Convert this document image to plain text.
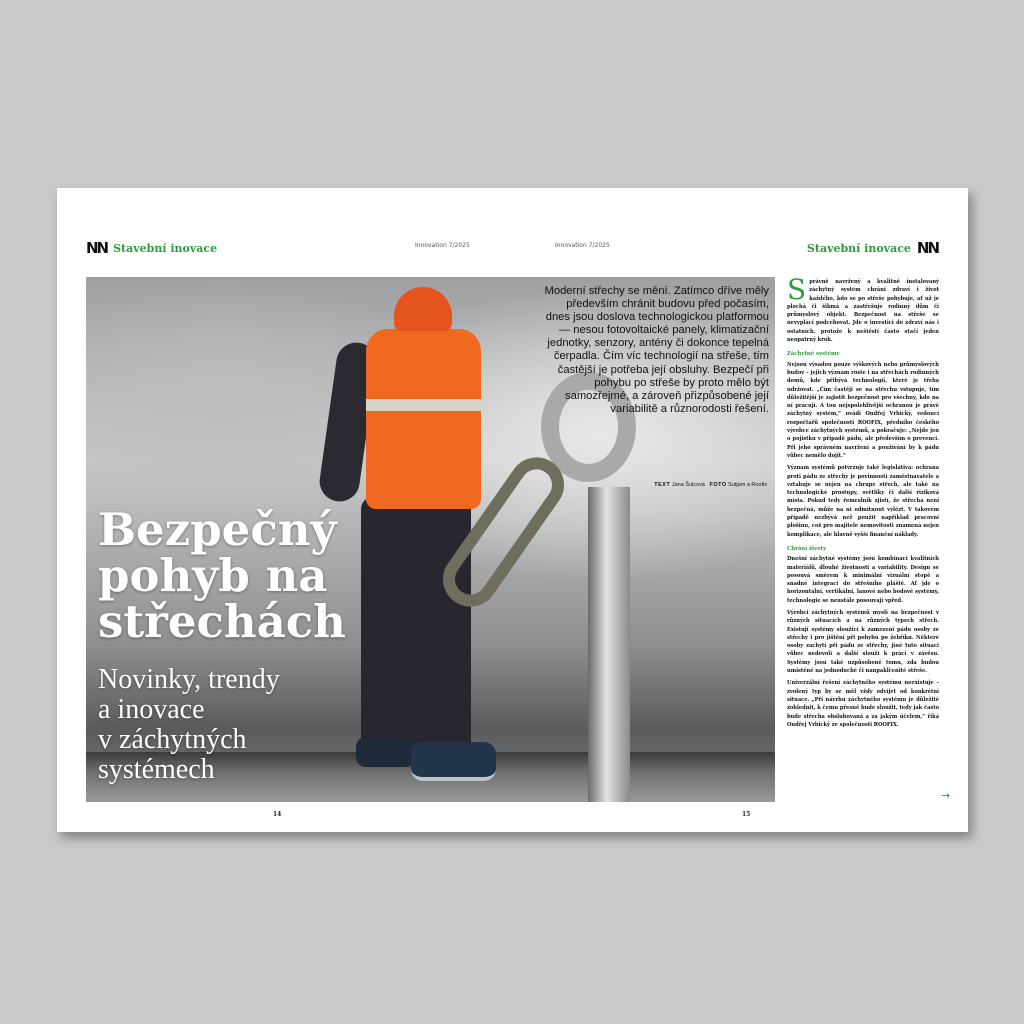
NN Stavební inovace	Innovation 7/2025	Innovation 7/2025	Stavební inovace NN
Moderní střechy se mění. Zatímco dříve měly především chránit budovu před počasím, dnes jsou doslova technologickou platformou — nesou fotovoltaické panely, klimatizační jednotky, senzory, antény či dokonce tepelná čerpadla. Čím víc technologií na střeše, tím častější je potřeba její obsluhy. Bezpečí při pohybu po střeše by proto mělo být samozřejmé, a zároveň přizpůsobené její variabilitě a různorodosti řešení.
TEXT Jana Šulcová FOTO Sutjam a Roofix
Bezpečný
pohyb na
střechách
Novinky, trendy
a inovace
v záchytných
systémech

Správně navržený a kvalitně instalovaný záchytný systém chrání zdraví i život každého, kdo se po střeše pohybuje, ať už je plochá či šikmá a zastřešuje rodinný dům či průmyslový objekt. Bezpečnost na střeše se nevyplácí podcehovat. Jde o investici do zdraví nás i ostatních, protože k neštěstí často stačí jeden neopatrný krok.

Záchytné systémy

Nejsou výsadou pouze výškových nebo průmyslových budov – jejich význam roste i na střechách rodinných domů, kde přibývá technologií, které je třeba udržovat. „Čím častěji se na střechu vstupuje, tím důležitější je zajistit bezpečnost pro všechny, kdo na ní pracují. A tou nejspolehlivější ochranou je právě záchytný systém,“ uvádí Ondřej Vrbický, vedoucí rozpočtářů společnosti ROOFIX, předního českého výrobce záchytných systémů, a pokračuje: „Nejde jen o pojistku v případě pádu, ale především o prevenci. Při jeho správném navržení a používání by k pádu vůbec nemělo dojít.“

Význam systémů potvrzuje také legislativa: ochrana proti pádu ze střechy je povinností zaměstnavatele a vztahuje se nejen na chrupe střech, ale také na technologické prostupy, světlíky či další riziková místa. Pokud tedy řemeslník zjistí, že střecha není bezpečná, může na ni odmítnout vylézt. V takovém případě nezbývá než použít například pracovní plošinu, což pro majitele nemovitosti znamená nejen komplikace, ale hlavně vyšší finanční náklady.

Chrání životy

Dnešní záchytné systémy jsou kombinací kvalitních materiálů, dlouhé životnosti a variability. Design se posouvá směrem k minimální vizuální stopě a snadné integraci do střešního pláště. Ať jde o horizontální, vertikální, lanové nebo bodové systémy, technologie se neustále posouvají vpřed.

Výrobci záchytných systémů myslí na bezpečnost v různých situacích a na různých typech střech. Existují systémy sloužící k zamezení pádu osoby ze střechy i pro jištění při pohybu po žebříku. Některé osoby zachytí při pádu ze střechy, jiné tuto situaci vůbec nedovolí a další slouží k práci v závěsu. Systémy jsou také uzpůsobené tomu, zda budou umístěné na jednoduché či nanpaklčenité střeše.

Univerzální řešení záchytného systému neexistuje – zvolený typ by se měl vždy odvíjet od konkrétní situace. „Při návrhu záchytného systému je důležité zohlednit, k čemu přesně bude sloužit, tedy jak často bude střecha obsluhovaná a za jakým účelem,“ říká Ondřej Vrbický ze společnosti ROOFIX.

→
14	15
